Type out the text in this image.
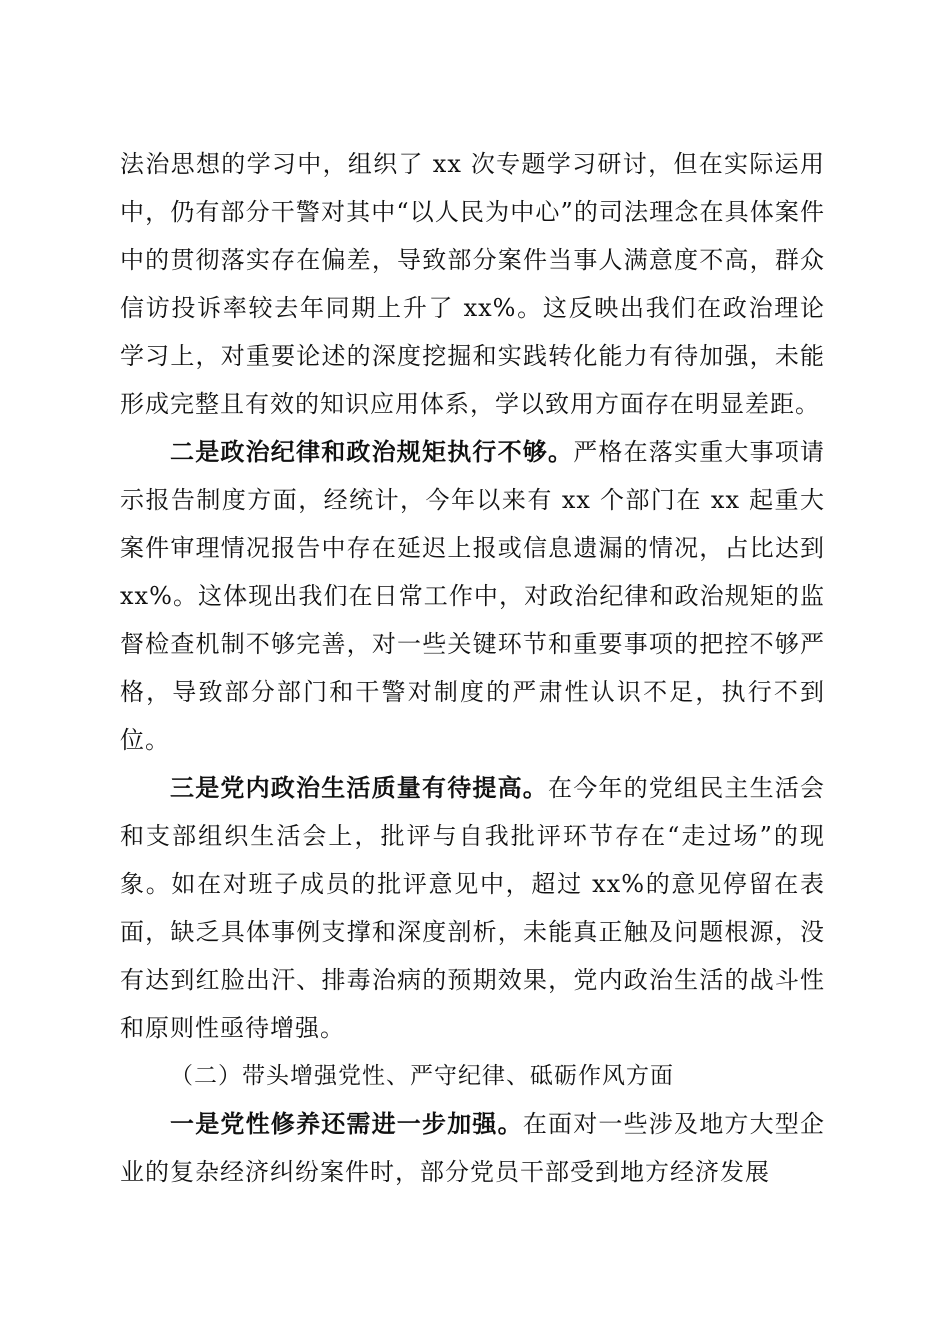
法治思想的学习中，组织了 xx 次专题学习研讨，但在实际运用中，仍有部分干警对其中“以人民为中心”的司法理念在具体案件中的贯彻落实存在偏差，导致部分案件当事人满意度不高，群众信访投诉率较去年同期上升了 xx%。这反映出我们在政治理论学习上，对重要论述的深度挖掘和实践转化能力有待加强，未能形成完整且有效的知识应用体系，学以致用方面存在明显差距。

二是政治纪律和政治规矩执行不够。严格在落实重大事项请示报告制度方面，经统计，今年以来有 xx 个部门在 xx 起重大案件审理情况报告中存在延迟上报或信息遗漏的情况，占比达到 xx%。这体现出我们在日常工作中，对政治纪律和政治规矩的监督检查机制不够完善，对一些关键环节和重要事项的把控不够严格，导致部分部门和干警对制度的严肃性认识不足，执行不到位。

三是党内政治生活质量有待提高。在今年的党组民主生活会和支部组织生活会上，批评与自我批评环节存在“走过场”的现象。如在对班子成员的批评意见中，超过 xx%的意见停留在表面，缺乏具体事例支撑和深度剖析，未能真正触及问题根源，没有达到红脸出汗、排毒治病的预期效果，党内政治生活的战斗性和原则性亟待增强。

（二）带头增强党性、严守纪律、砥砺作风方面

一是党性修养还需进一步加强。在面对一些涉及地方大型企业的复杂经济纠纷案件时，部分党员干部受到地方经济发展
